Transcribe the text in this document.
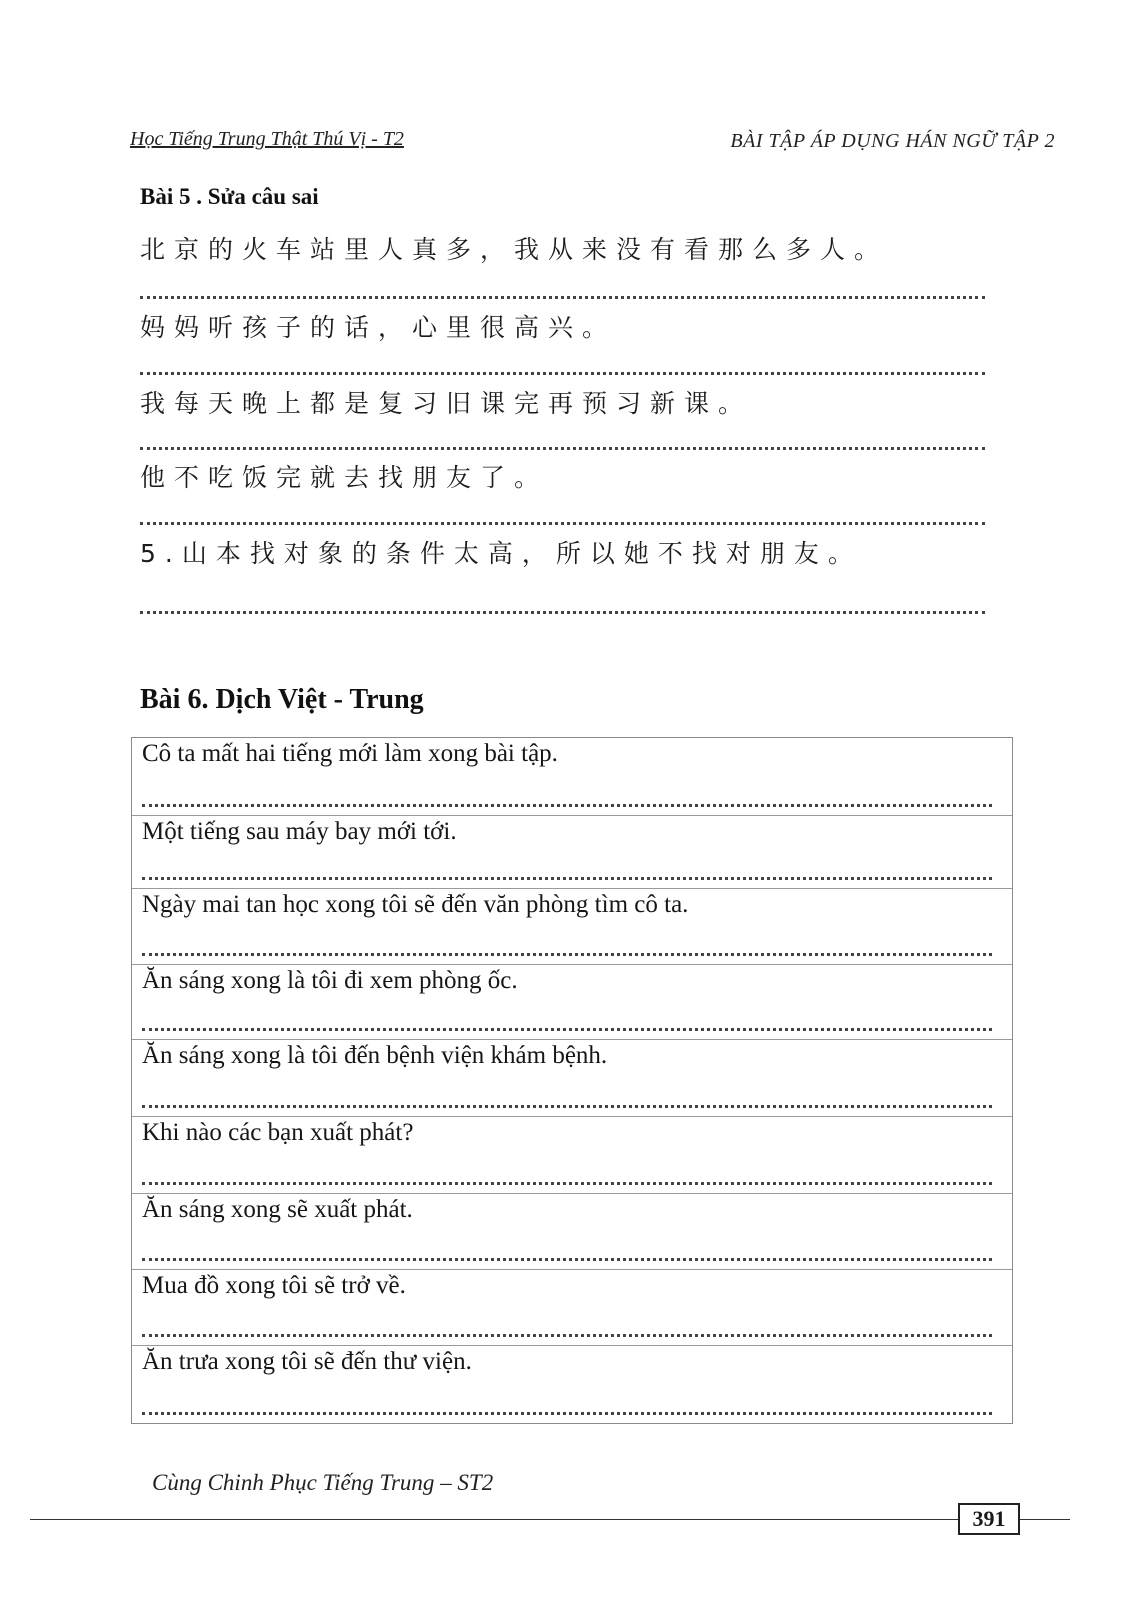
Học Tiếng Trung Thật Thú Vị - T2	BÀI TẬP ÁP DỤNG HÁN NGỮ TẬP 2
Bài 5 . Sửa câu sai
北京的火车站里人真多，我从来没有看那么多人。
妈妈听孩子的话，心里很高兴。
我每天晚上都是复习旧课完再预习新课。
他不吃饭完就去找朋友了。
5.山本找对象的条件太高，所以她不找对朋友。
Bài 6. Dịch Việt - Trung
Cô ta mất hai tiếng mới làm xong bài tập.
Một tiếng sau máy bay mới tới.
Ngày mai tan học xong tôi sẽ đến văn phòng tìm cô ta.
Ăn sáng xong là tôi đi xem phòng ốc.
Ăn sáng xong là tôi đến bệnh viện khám bệnh.
Khi nào các bạn xuất phát?
Ăn sáng xong sẽ xuất phát.
Mua đồ xong tôi sẽ trở về.
Ăn trưa xong tôi sẽ đến thư viện.
Cùng Chinh Phục Tiếng Trung – ST2
391
